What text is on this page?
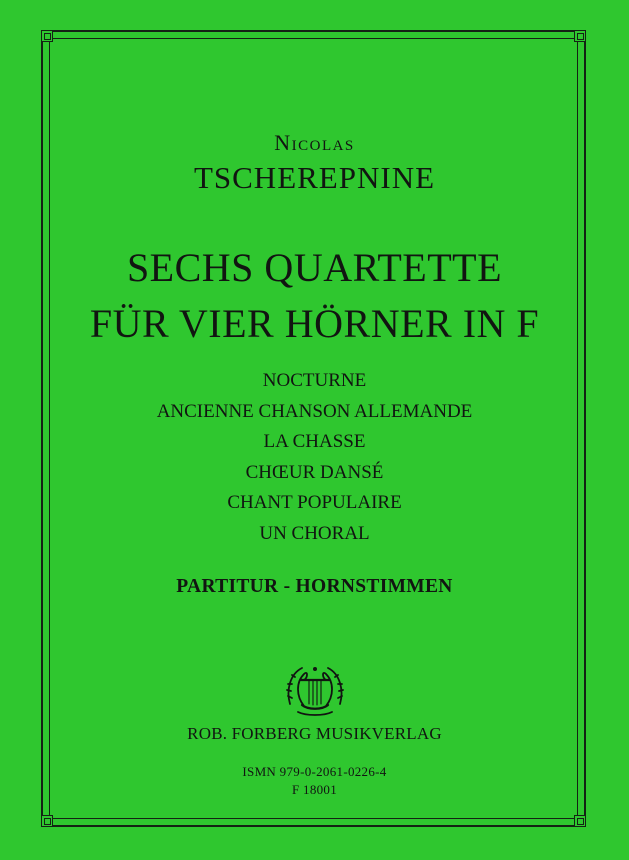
Nicolas
TSCHEREPNINE
SECHS QUARTETTE
FÜR VIER HÖRNER IN F
NOCTURNE
ANCIENNE CHANSON ALLEMANDE
LA CHASSE
CHŒUR DANSÉ
CHANT POPULAIRE
UN CHORAL
PARTITUR - HORNSTIMMEN
ROB. FORBERG MUSIKVERLAG
ISMN 979-0-2061-0226-4
F 18001
